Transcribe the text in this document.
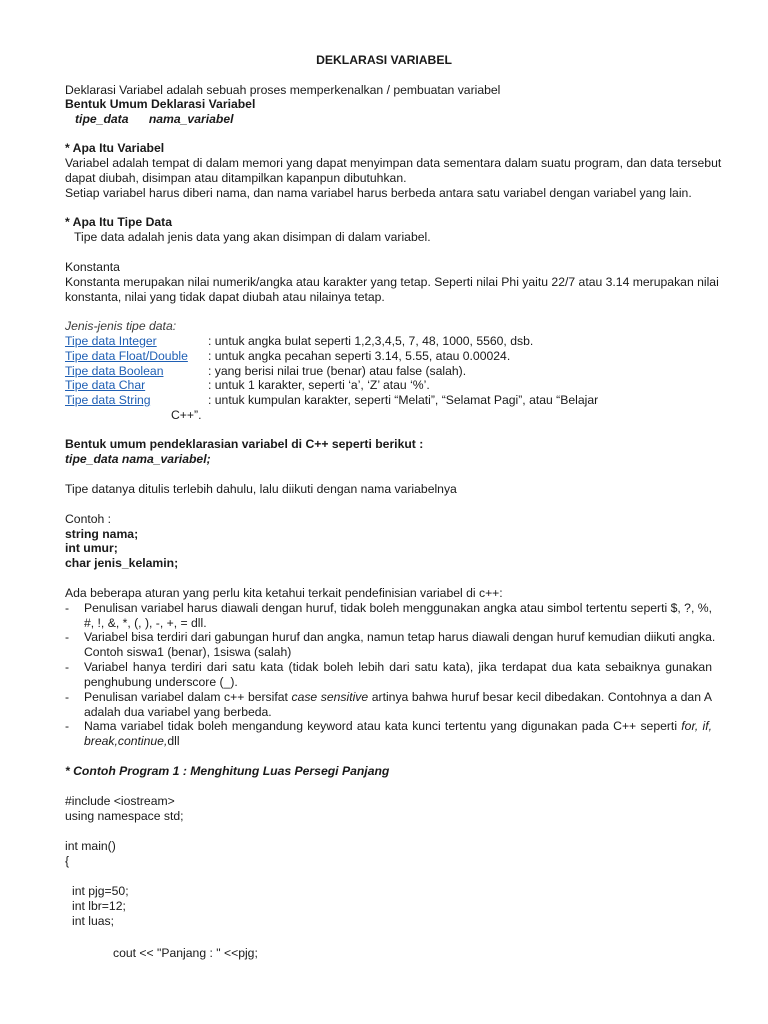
DEKLARASI VARIABEL
Deklarasi Variabel adalah sebuah proses memperkenalkan / pembuatan variabel
Bentuk Umum Deklarasi Variabel
tipe_data      nama_variabel
* Apa Itu Variabel
Variabel adalah tempat di dalam memori yang dapat menyimpan data sementara dalam suatu program, dan data tersebut
dapat diubah, disimpan atau ditampilkan kapanpun dibutuhkan.
Setiap variabel harus diberi nama, dan nama variabel harus berbeda antara satu variabel dengan variabel yang lain.
* Apa Itu Tipe Data
Tipe data adalah jenis data yang akan disimpan di dalam variabel.
Konstanta
Konstanta merupakan nilai numerik/angka atau karakter yang tetap. Seperti nilai Phi yaitu 22/7 atau 3.14 merupakan nilai
konstanta, nilai yang tidak dapat diubah atau nilainya tetap.
Jenis-jenis tipe data:
Tipe data Integer	: untuk angka bulat seperti 1,2,3,4,5, 7, 48, 1000, 5560, dsb.
Tipe data Float/Double : untuk angka pecahan seperti 3.14, 5.55, atau 0.00024.
Tipe data Boolean	: yang berisi nilai true (benar) atau false (salah).
Tipe data Char	: untuk 1 karakter, seperti ‘a’, ‘Z’ atau ‘%’.
Tipe data String	: untuk kumpulan karakter, seperti “Melati”, “Selamat Pagi”, atau “Belajar
C++”.
Bentuk umum pendeklarasian variabel di C++ seperti berikut :
tipe_data nama_variabel;
Tipe datanya ditulis terlebih dahulu, lalu diikuti dengan nama variabelnya
Contoh :
string nama;
int umur;
char jenis_kelamin;
Ada beberapa aturan yang perlu kita ketahui terkait pendefinisian variabel di c++:
- Penulisan variabel harus diawali dengan huruf, tidak boleh menggunakan angka atau simbol tertentu seperti $, ?, %,
#, !, &, *, (, ), -, +, = dll.
- Variabel bisa terdiri dari gabungan huruf dan angka, namun tetap harus diawali dengan huruf kemudian diikuti angka.
Contoh siswa1 (benar), 1siswa (salah)
- Variabel hanya terdiri dari satu kata (tidak boleh lebih dari satu kata), jika terdapat dua kata sebaiknya gunakan
penghubung underscore (_).
- Penulisan variabel dalam c++ bersifat case sensitive artinya bahwa huruf besar kecil dibedakan. Contohnya a dan A
adalah dua variabel yang berbeda.
- Nama variabel tidak boleh mengandung keyword atau kata kunci tertentu yang digunakan pada C++ seperti for, if,
break,continue,dll
* Contoh Program 1 : Menghitung Luas Persegi Panjang
#include <iostream>
using namespace std;
int main()
{
int pjg=50;
int lbr=12;
int luas;
cout << "Panjang : " <<pjg;
